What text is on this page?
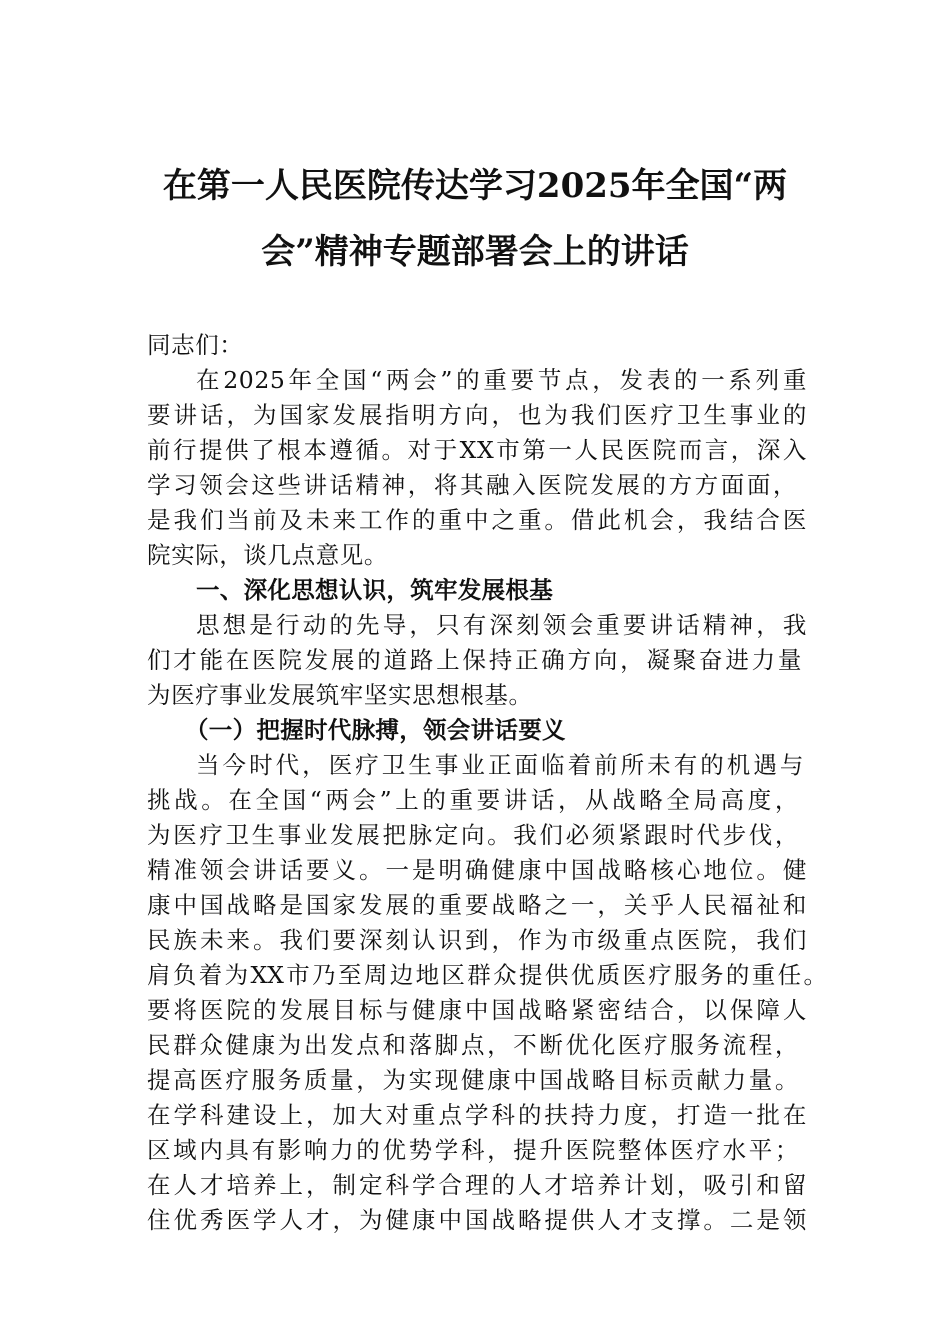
在第一人民医院传达学习2025年全国“两
会”精神专题部署会上的讲话
同志们：
在2025年全国“两会”的重要节点，发表的一系列重
要讲话，为国家发展指明方向，也为我们医疗卫生事业的
前行提供了根本遵循。对于XX市第一人民医院而言，深入
学习领会这些讲话精神，将其融入医院发展的方方面面，
是我们当前及未来工作的重中之重。借此机会，我结合医
院实际，谈几点意见。
一、深化思想认识，筑牢发展根基
思想是行动的先导，只有深刻领会重要讲话精神，我
们才能在医院发展的道路上保持正确方向，凝聚奋进力量
为医疗事业发展筑牢坚实思想根基。
（一）把握时代脉搏，领会讲话要义
当今时代，医疗卫生事业正面临着前所未有的机遇与
挑战。在全国“两会”上的重要讲话，从战略全局高度，
为医疗卫生事业发展把脉定向。我们必须紧跟时代步伐，
精准领会讲话要义。一是明确健康中国战略核心地位。健
康中国战略是国家发展的重要战略之一，关乎人民福祉和
民族未来。我们要深刻认识到，作为市级重点医院，我们
肩负着为XX市乃至周边地区群众提供优质医疗服务的重任。
要将医院的发展目标与健康中国战略紧密结合，以保障人
民群众健康为出发点和落脚点，不断优化医疗服务流程，
提高医疗服务质量，为实现健康中国战略目标贡献力量。
在学科建设上，加大对重点学科的扶持力度，打造一批在
区域内具有影响力的优势学科，提升医院整体医疗水平；
在人才培养上，制定科学合理的人才培养计划，吸引和留
住优秀医学人才，为健康中国战略提供人才支撑。二是领
